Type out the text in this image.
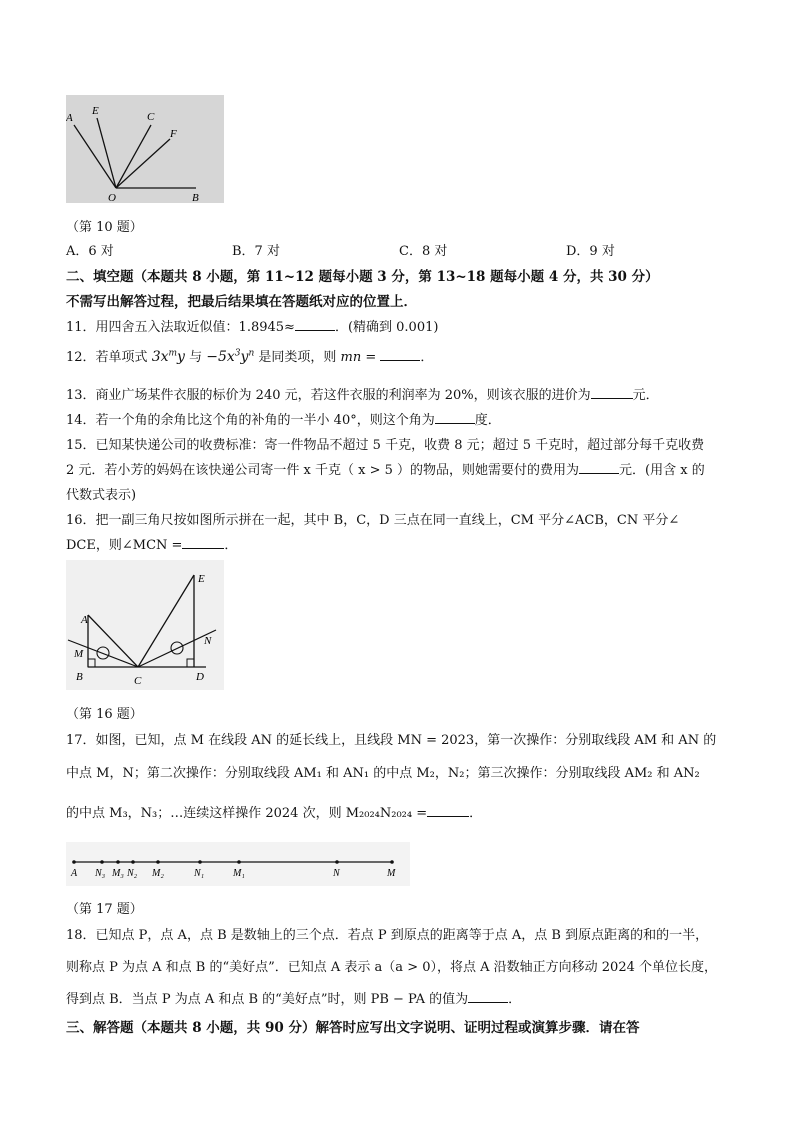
A
E	C
F
O	B
（第 10 题）
A．6 对	B．7 对	C．8 对	D．9 对
二、填空题（本题共 8 小题，第 11~12 题每小题 3 分，第 13~18 题每小题 4 分，共 30 分）
不需写出解答过程，把最后结果填在答题纸对应的位置上．
11．用四舍五入法取近似值：1.8945≈	．(精确到 0.001)
12．若单项式 $3x^my$ 与 $-5x^3y^n$ 是同类项，则 mn =	．
13．商业广场某件衣服的标价为 240 元，若这件衣服的利润率为 20%，则该衣服的进价为	元．
14．若一个角的余角比这个角的补角的一半小 40°，则这个角为	度．
15．已知某快递公司的收费标准：寄一件物品不超过 5 千克，收费 8 元；超过 5 千克时，超过部分每千克收费
2 元．若小芳的妈妈在该快递公司寄一件 x 千克（ x > 5 ）的物品，则她需要付的费用为	元．(用含 x 的
代数式表示)
16．把一副三角尺按如图所示拼在一起，其中 B，C，D 三点在同一直线上，CM 平分∠ACB，CN 平分∠
DCE，则∠MCN =	．
A
M
B	C
E
N
D
（第 16 题）
17．如图，已知，点 M 在线段 AN 的延长线上，且线段 MN = 2023，第一次操作：分别取线段 AM 和 AN 的
中点 M，N；第二次操作：分别取线段 AM₁ 和 AN₁ 的中点 M₂，N₂；第三次操作：分别取线段 AM₂ 和 AN₂
的中点 M₃，N₃；…连续这样操作 2024 次，则 M₂₀₂₄N₂₀₂₄ =	．
A N₃ M₃ N₂ M₂	N₁	M₁	N	M
（第 17 题）
18．已知点 P，点 A，点 B 是数轴上的三个点．若点 P 到原点的距离等于点 A，点 B 到原点距离的和的一半，
则称点 P 为点 A 和点 B 的“美好点”．已知点 A 表示 a（a > 0），将点 A 沿数轴正方向移动 2024 个单位长度，
得到点 B．当点 P 为点 A 和点 B 的“美好点”时，则 PB − PA 的值为	．
三、解答题（本题共 8 小题，共 90 分）解答时应写出文字说明、证明过程或演算步骤．请在答
